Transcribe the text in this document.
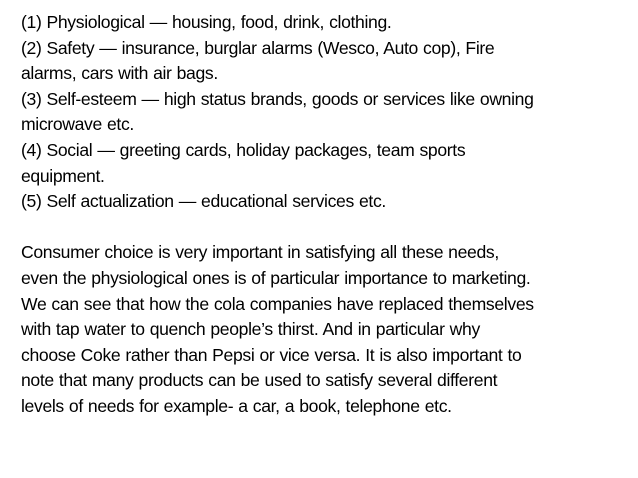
(1) Physiological — housing, food, drink, clothing.
(2) Safety — insurance, burglar alarms (Wesco, Auto cop), Fire
alarms, cars with air bags.
(3) Self-esteem — high status brands, goods or services like owning
microwave etc.
(4) Social — greeting cards, holiday packages, team sports
equipment.
(5) Self actualization — educational services etc.
Consumer choice is very important in satisfying all these needs,
even the physiological ones is of particular importance to marketing.
We can see that how the cola companies have replaced themselves
with tap water to quench people’s thirst. And in particular why
choose Coke rather than Pepsi or vice versa. It is also important to
note that many products can be used to satisfy several different
levels of needs for example- a car, a book, telephone etc.
